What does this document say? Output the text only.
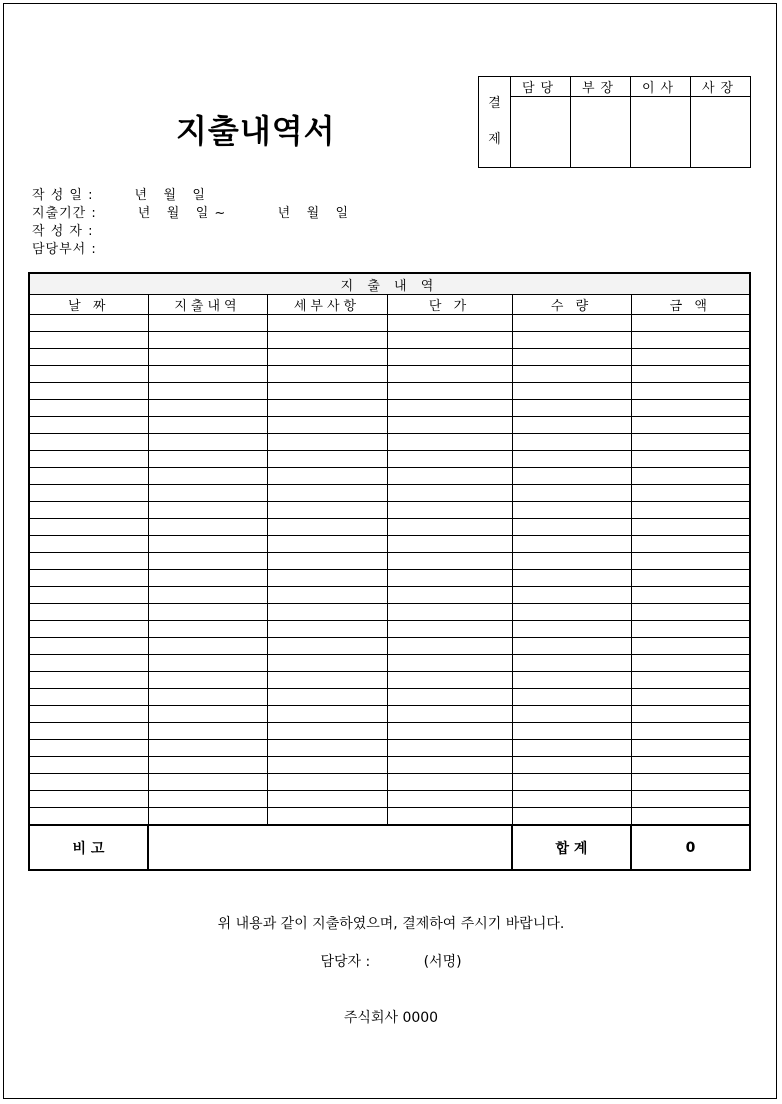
지출내역서
결
제	담당	부장	이사	사장

작 성 일 :        년   월   일
지출기간 :        년   월   일 ~          년   월   일
작 성 자 :
담당부서 :
지 출 내 역					
날 짜	지출내역	세부사항	단 가	수 량	금 액

비 고				합 계	0
위 내용과 같이 지출하였으며, 결제하여 주시기 바랍니다.
담당자 :            (서명)
주식회사 0000
